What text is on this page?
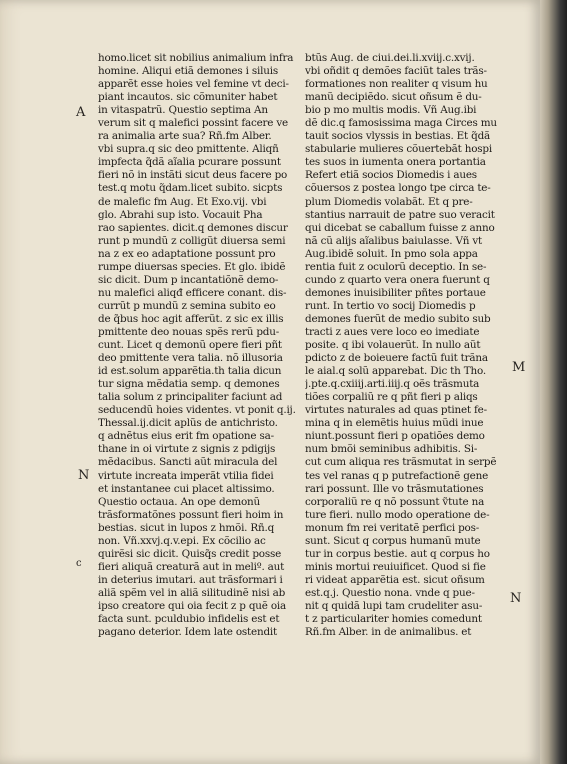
homo.licet sit nobilius animalium infra
homine. Aliqui etiã demones i siluis
apparẽt esse hoies vel femine vt deci-
piant incautos. sic cõmuniter habet
in vitaspatrũ. Questio septima An
verum sit q malefici possint facere ve
ra animalia arte sua? Rñ.fm Alber.
vbi supra.q sic deo pmittente. Aliqñ
impfecta q̃dã aĩalia pcurare possunt
fieri nõ in instãti sicut deus facere po
test.q motu q̃dam.licet subito. sicpts
de malefic fm Aug. Et Exo.vij. vbi
glo. Abrahi sup isto. Vocauit Pha
rao sapientes. dicit.q demones discur
runt p mundũ z colligũt diuersa semi
na z ex eo adaptatione possunt pro
rumpe diuersas species. Et glo. ibidẽ
sic dicit. Dum p incantatiõnẽ demo-
nu malefici aliqđ efficere conant. dis-
currũt p mundũ z semina subito eo
de q̃bus hoc agit afferũt. z sic ex illis
pmittente deo nouas spẽs rerũ pdu-
cunt. Licet q demonũ opere fieri pñt
deo pmittente vera talia. nõ illusoria
id est.solum apparẽtia.th talia dicun
tur signa mẽdatia semp. q demones
talia solum z principaliter faciunt ad
seducendũ hoies videntes. vt ponit q.ij.
Thessal.ij.dicit aplũs de antichristo.
q adnẽtus eius erit fm opatione sa-
thane in oi virtute z signis z pdigijs
mẽdacibus. Sancti aũt miracula del
virtute increata imperãt vtilia fidei
et instantanee cui placet altissimo.
Questio octaua. An ope demonũ
trãsformatõnes possunt fieri hoim in
bestias. sicut in lupos z hmõi. Rñ.q
non. Vñ.xxvj.q.v.epi. Ex cõcilio ac
quirẽsi sic dicit. Quisq̃s credit posse
fieri aliquã creaturã aut in meliº. aut
in deterius imutari. aut trãsformari i
aliã spẽm vel in aliã silitudinẽ nisi ab
ipso creatore qui oia fecit z p quẽ oia
facta sunt. pculdubio infidelis est et
pagano deterior. Idem late ostendit
btũs Aug. de ciui.dei.li.xviij.c.xvij.
vbi oñdit q demões faciũt tales trãs-
formationes non realiter q visum hu
manũ decipiẽdo. sicut oñsum ẽ du-
bio p mo multis modis. Vñ Aug.ibi
dẽ dic.q famosissima maga Circes mu
tauit socios vlyssis in bestias. Et q̃dã
stabularie mulieres cõuertebãt hospi
tes suos in iumenta onera portantia
Refert etiã socios Diomedis i aues
cõuersos z postea longo tpe circa te-
plum Diomedis volabãt. Et q pre-
stantius narrauit de patre suo veracit
qui dicebat se caballum fuisse z anno
nã cũ alijs aĩalibus baiulasse. Vñ vt
Aug.ibidẽ soluit. In pmo sola appa
rentia fuit z oculorũ deceptio. In se-
cundo z quarto vera onera fuerunt q
demones inuisibiliter pñtes portaue
runt. In tertio vo socij Diomedis p
demones fuerũt de medio subito sub
tracti z aues vere loco eo imediate
posite. q ibi volauerũt. In nullo aũt
pdicto z de boieuere factũ fuit trãna
le aial.q solũ apparebat. Dic th Tho.
j.pte.q.cxiiij.arti.iiij.q oẽs trãsmuta
tiões corpaliũ re q pñt fieri p aliqs
virtutes naturales ad quas ptinet fe-
mina q in elemẽtis huius mũdi inue
niunt.possunt fieri p opatiões demo
num bmõi seminibus adhibitis. Si-
cut cum aliqua res trãsmutat in serpẽ
tes vel ranas q p putrefactionẽ gene
rari possunt. Ille vo trãsmutationes
corporaliũ re q nõ possunt ṽtute na
ture fieri. nullo modo operatione de-
monum fm rei veritatẽ perfici pos-
sunt. Sicut q corpus humanũ mute
tur in corpus bestie. aut q corpus ho
minis mortui reuiuificet. Quod si fie
ri videat apparẽtia est. sicut oñsum
est.q.j. Questio nona. vnde q pue-
nit q quidã lupi tam crudeliter asu-
t z particulariter homies comedunt
Rñ.fm Alber. in de animalibus. et
A
N
c
M
N
